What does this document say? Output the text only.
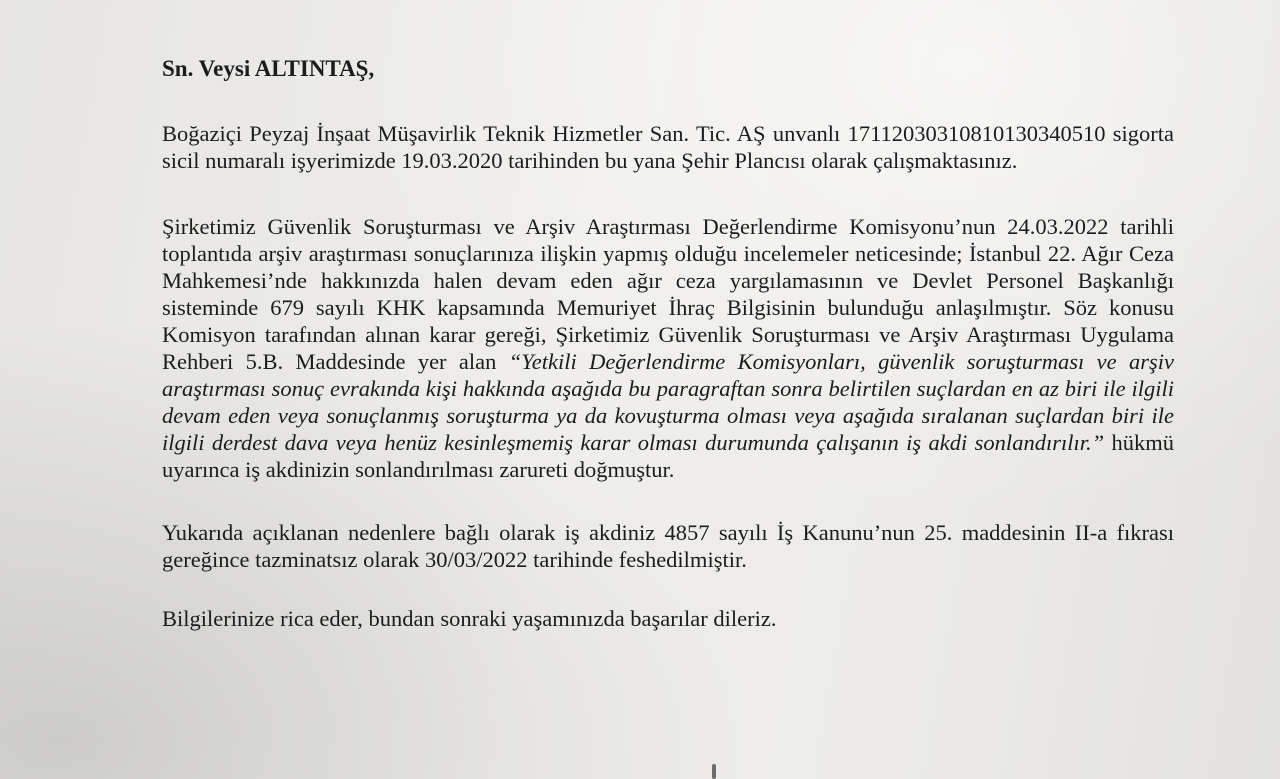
Sn. Veysi ALTINTAŞ,

Boğaziçi Peyzaj İnşaat Müşavirlik Teknik Hizmetler San. Tic. AŞ unvanlı 17112030310810130340510 sigorta sicil numaralı işyerimizde 19.03.2020 tarihinden bu yana Şehir Plancısı olarak çalışmaktasınız.

Şirketimiz Güvenlik Soruşturması ve Arşiv Araştırması Değerlendirme Komisyonu’nun 24.03.2022 tarihli toplantıda arşiv araştırması sonuçlarınıza ilişkin yapmış olduğu incelemeler neticesinde; İstanbul 22. Ağır Ceza Mahkemesi’nde hakkınızda halen devam eden ağır ceza yargılamasının ve Devlet Personel Başkanlığı sisteminde 679 sayılı KHK kapsamında Memuriyet İhraç Bilgisinin bulunduğu anlaşılmıştır. Söz konusu Komisyon tarafından alınan karar gereği, Şirketimiz Güvenlik Soruşturması ve Arşiv Araştırması Uygulama Rehberi 5.B. Maddesinde yer alan “Yetkili Değerlendirme Komisyonları, güvenlik soruşturması ve arşiv araştırması sonuç evrakında kişi hakkında aşağıda bu paragraftan sonra belirtilen suçlardan en az biri ile ilgili devam eden veya sonuçlanmış soruşturma ya da kovuşturma olması veya aşağıda sıralanan suçlardan biri ile ilgili derdest dava veya henüz kesinleşmemiş karar olması durumunda çalışanın iş akdi sonlandırılır.” hükmü uyarınca iş akdinizin sonlandırılması zarureti doğmuştur.

Yukarıda açıklanan nedenlere bağlı olarak iş akdiniz 4857 sayılı İş Kanunu’nun 25. maddesinin II-a fıkrası gereğince tazminatsız olarak 30/03/2022 tarihinde feshedilmiştir.

Bilgilerinize rica eder, bundan sonraki yaşamınızda başarılar dileriz.
